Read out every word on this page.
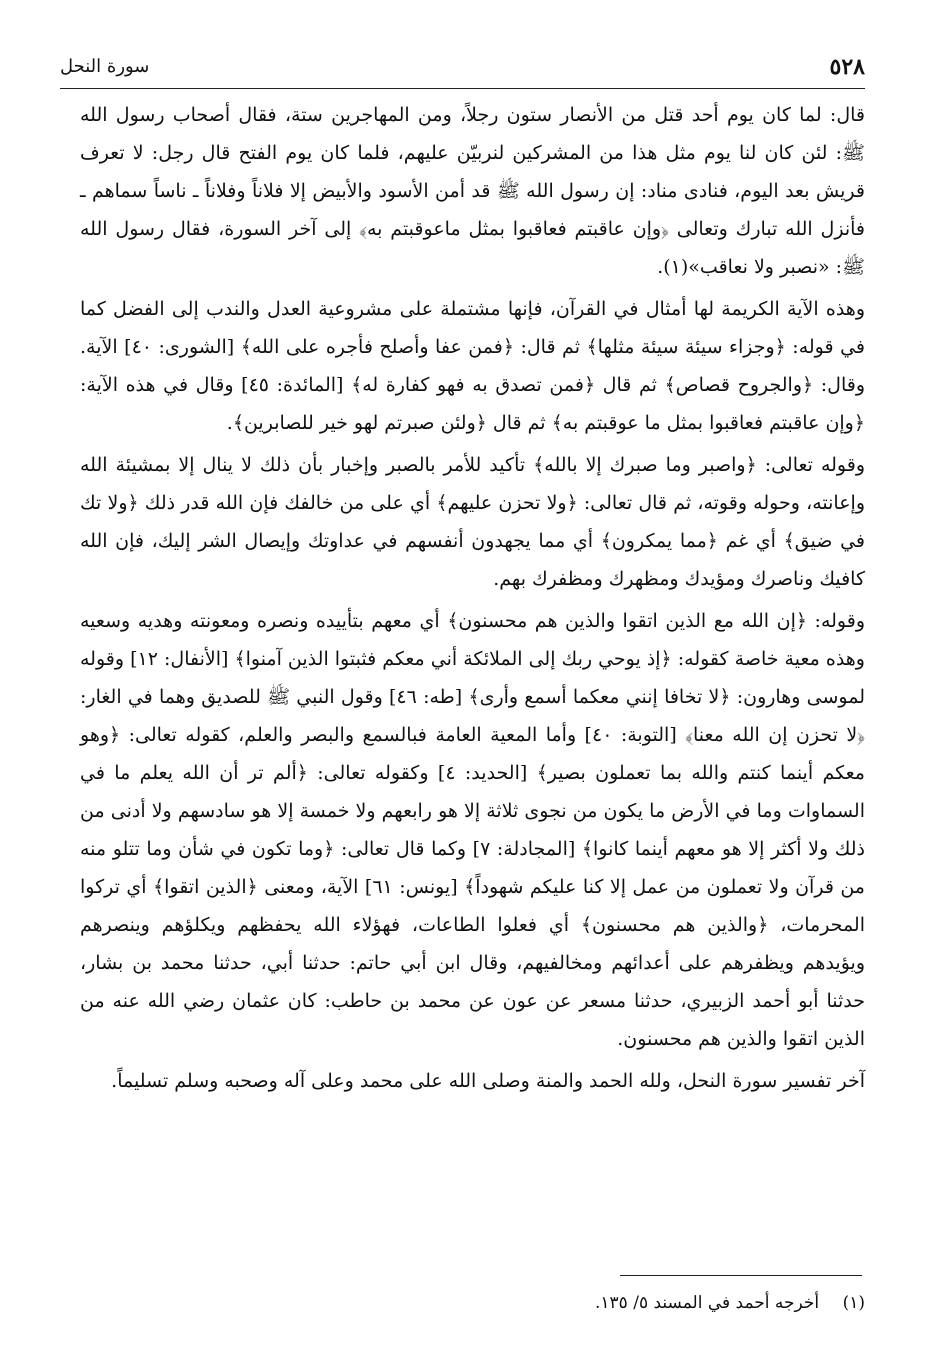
٥٢٨
سورة النحل

قال: لما كان يوم أحد قتل من الأنصار ستون رجلاً، ومن المهاجرين ستة، فقال أصحاب رسول الله ﷺ: لئن كان لنا يوم مثل هذا من المشركين لنربيّن عليهم، فلما كان يوم الفتح قال رجل: لا تعرف قريش بعد اليوم، فنادى مناد: إن رسول الله ﷺ قد أمن الأسود والأبيض إلا فلاناً وفلاناً ـ ناساً سماهم ـ فأنزل الله تبارك وتعالى ﴿وإن عاقبتم فعاقبوا بمثل ماعوقبتم به﴾ إلى آخر السورة، فقال رسول الله ﷺ: «نصبر ولا نعاقب»(١).

وهذه الآية الكريمة لها أمثال في القرآن، فإنها مشتملة على مشروعية العدل والندب إلى الفضل كما في قوله: ﴿وجزاء سيئة سيئة مثلها﴾ ثم قال: ﴿فمن عفا وأصلح فأجره على الله﴾ [الشورى: ٤٠] الآية. وقال: ﴿والجروح قصاص﴾ ثم قال ﴿فمن تصدق به فهو كفارة له﴾ [المائدة: ٤٥] وقال في هذه الآية: ﴿وإن عاقبتم فعاقبوا بمثل ما عوقبتم به﴾ ثم قال ﴿ولئن صبرتم لهو خير للصابرين﴾.

وقوله تعالى: ﴿واصبر وما صبرك إلا بالله﴾ تأكيد للأمر بالصبر وإخبار بأن ذلك لا ينال إلا بمشيئة الله وإعانته، وحوله وقوته، ثم قال تعالى: ﴿ولا تحزن عليهم﴾ أي على من خالفك فإن الله قدر ذلك ﴿ولا تك في ضيق﴾ أي غم ﴿مما يمكرون﴾ أي مما يجهدون أنفسهم في عداوتك وإيصال الشر إليك، فإن الله كافيك وناصرك ومؤيدك ومظهرك ومظفرك بهم.

وقوله: ﴿إن الله مع الذين اتقوا والذين هم محسنون﴾ أي معهم بتأييده ونصره ومعونته وهديه وسعيه وهذه معية خاصة كقوله: ﴿إذ يوحي ربك إلى الملائكة أني معكم فثبتوا الذين آمنوا﴾ [الأنفال: ١٢] وقوله لموسى وهارون: ﴿لا تخافا إنني معكما أسمع وأرى﴾ [طه: ٤٦] وقول النبي ﷺ للصديق وهما في الغار: ﴿لا تحزن إن الله معنا﴾ [التوبة: ٤٠] وأما المعية العامة فبالسمع والبصر والعلم، كقوله تعالى: ﴿وهو معكم أينما كنتم والله بما تعملون بصير﴾ [الحديد: ٤] وكقوله تعالى: ﴿ألم تر أن الله يعلم ما في السماوات وما في الأرض ما يكون من نجوى ثلاثة إلا هو رابعهم ولا خمسة إلا هو سادسهم ولا أدنى من ذلك ولا أكثر إلا هو معهم أينما كانوا﴾ [المجادلة: ٧] وكما قال تعالى: ﴿وما تكون في شأن وما تتلو منه من قرآن ولا تعملون من عمل إلا كنا عليكم شهوداً﴾ [يونس: ٦١] الآية، ومعنى ﴿الذين اتقوا﴾ أي تركوا المحرمات، ﴿والذين هم محسنون﴾ أي فعلوا الطاعات، فهؤلاء الله يحفظهم ويكلؤهم وينصرهم ويؤيدهم ويظفرهم على أعدائهم ومخالفيهم، وقال ابن أبي حاتم: حدثنا أبي، حدثنا محمد بن بشار، حدثنا أبو أحمد الزبيري، حدثنا مسعر عن عون عن محمد بن حاطب: كان عثمان رضي الله عنه من الذين اتقوا والذين هم محسنون.

آخر تفسير سورة النحل، ولله الحمد والمنة وصلى الله على محمد وعلى آله وصحبه وسلم تسليماً.

(١) أخرجه أحمد في المسند ٥/ ١٣٥.
